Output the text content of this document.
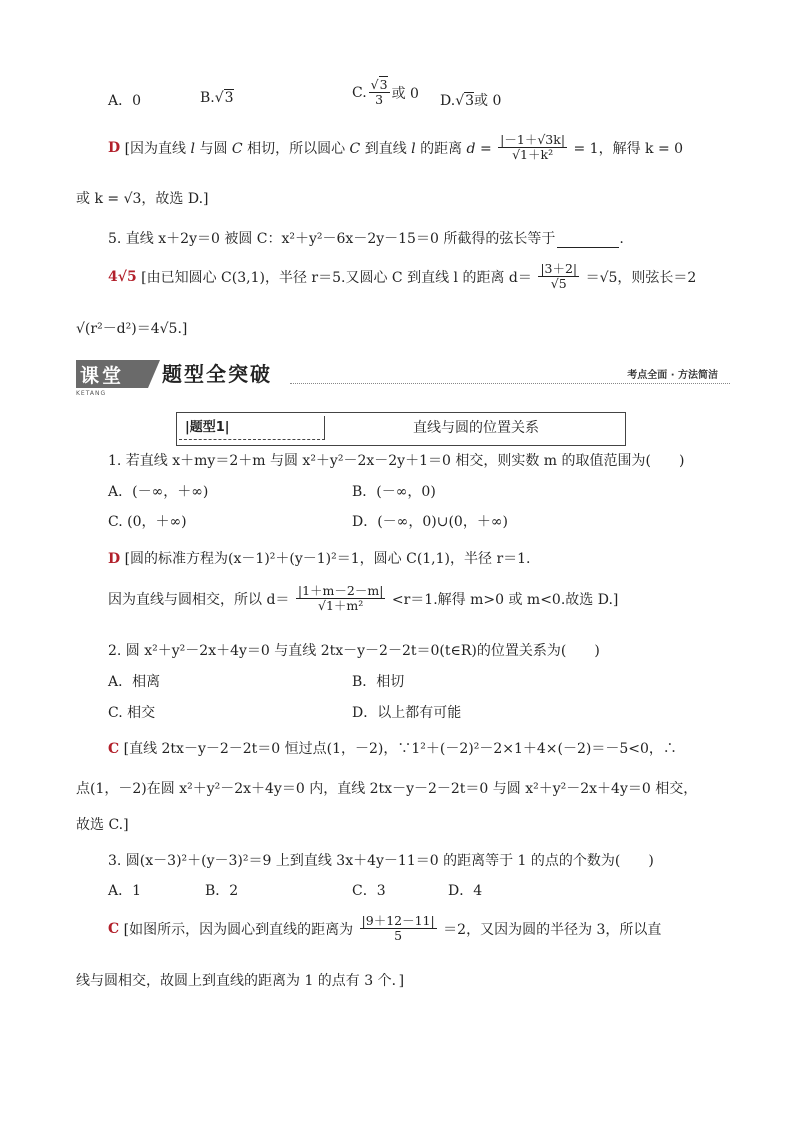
A．0	B.√3	C. $\frac{√3}{3}$ 或 0 D.√3或 0
D [因为直线 l 与圆 C 相切，所以圆心 C 到直线 l 的距离 $d = \frac{|-1+√3k|}{\text{√1＋k²}} = 1$，解得 k = 0
或 k = √3，故选 D.]
5. 直线 x＋2y＝0 被圆 C：x²＋y²－6x－2y－15＝0 所截得的弦长等于	.
4√5 [由已知圆心 C(3,1)，半径 r＝5.又圆心 C 到直线 l 的距离 $d= \frac{|3+2|}{√5} =√5$，则弦长＝2
√(r²－d²)＝4√5.]
课堂
KETANG
题型全突破	考点全面 · 方法简洁
|题型1|	直线与圆的位置关系
1. 若直线 x＋my＝2＋m 与圆 x²＋y²－2x－2y＋1＝0 相交，则实数 m 的取值范围为(　　)
A．(－∞，＋∞)	B．(－∞，0)
C. (0，＋∞)	D．(－∞，0)∪(0，＋∞)
D [圆的标准方程为(x－1)²＋(y－1)²＝1，圆心 C(1,1)，半径 r＝1.
因为直线与圆相交，所以 $d= \frac{|1+m-2-m|}{\text{√1＋m²}} <r=1$.解得 m>0 或 m<0.故选 D.]
2. 圆 x²＋y²－2x＋4y＝0 与直线 2tx－y－2－2t＝0(t∈R)的位置关系为(　　)
A．相离	B．相切
C. 相交	D．以上都有可能
C [直线 2tx－y－2－2t＝0 恒过点(1，－2)，∵1²＋(－2)²－2×1＋4×(－2)＝－5<0，∴
点(1，－2)在圆 x²＋y²－2x＋4y＝0 内，直线 2tx－y－2－2t＝0 与圆 x²＋y²－2x＋4y＝0 相交，
故选 C.]
3. 圆(x－3)²＋(y－3)²＝9 上到直线 3x＋4y－11＝0 的距离等于 1 的点的个数为(　　)
A．1	B．2	C．3	D．4
C [如图所示，因为圆心到直线的距离为 $\frac{|9+12-11|}{5} =2$，又因为圆的半径为 3，所以直
线与圆相交，故圆上到直线的距离为 1 的点有 3 个．]
